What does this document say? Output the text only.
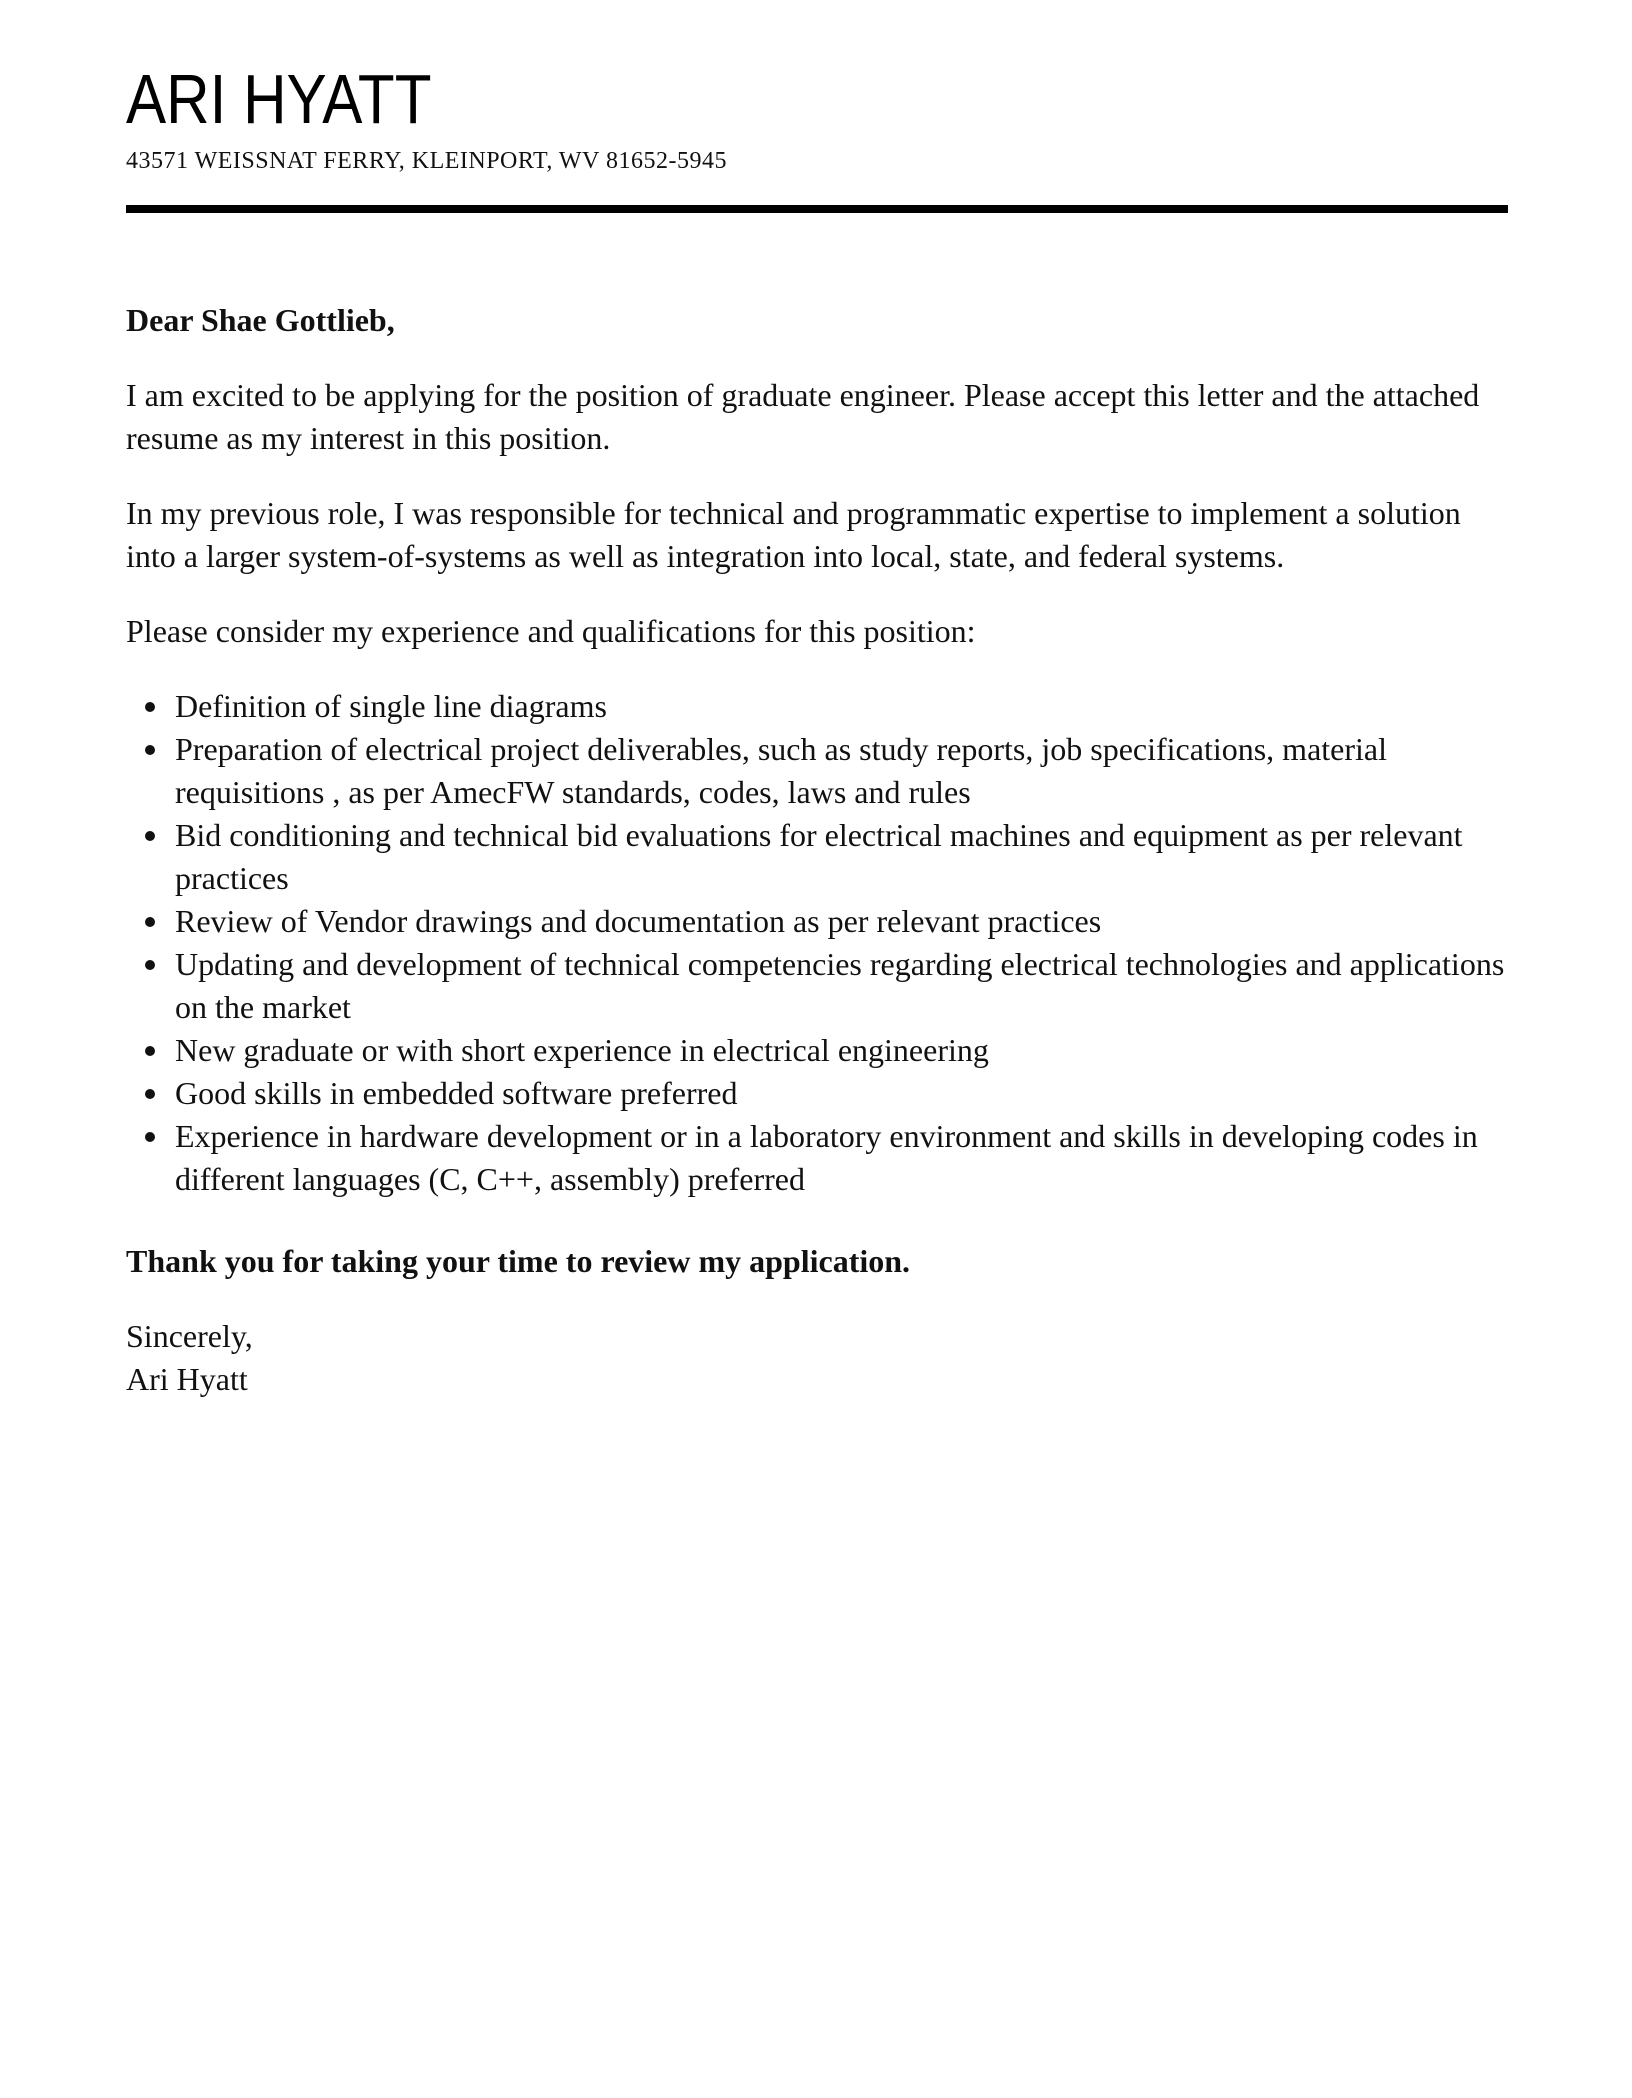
ARI HYATT
43571 WEISSNAT FERRY, KLEINPORT, WV 81652-5945

Dear Shae Gottlieb,

I am excited to be applying for the position of graduate engineer. Please accept this letter and the attached resume as my interest in this position.

In my previous role, I was responsible for technical and programmatic expertise to implement a solution into a larger system-of-systems as well as integration into local, state, and federal systems.

Please consider my experience and qualifications for this position:

Definition of single line diagrams
Preparation of electrical project deliverables, such as study reports, job specifications, material requisitions , as per AmecFW standards, codes, laws and rules
Bid conditioning and technical bid evaluations for electrical machines and equipment as per relevant practices
Review of Vendor drawings and documentation as per relevant practices
Updating and development of technical competencies regarding electrical technologies and applications on the market
New graduate or with short experience in electrical engineering
Good skills in embedded software preferred
Experience in hardware development or in a laboratory environment and skills in developing codes in different languages (C, C++, assembly) preferred

Thank you for taking your time to review my application.

Sincerely,
Ari Hyatt
